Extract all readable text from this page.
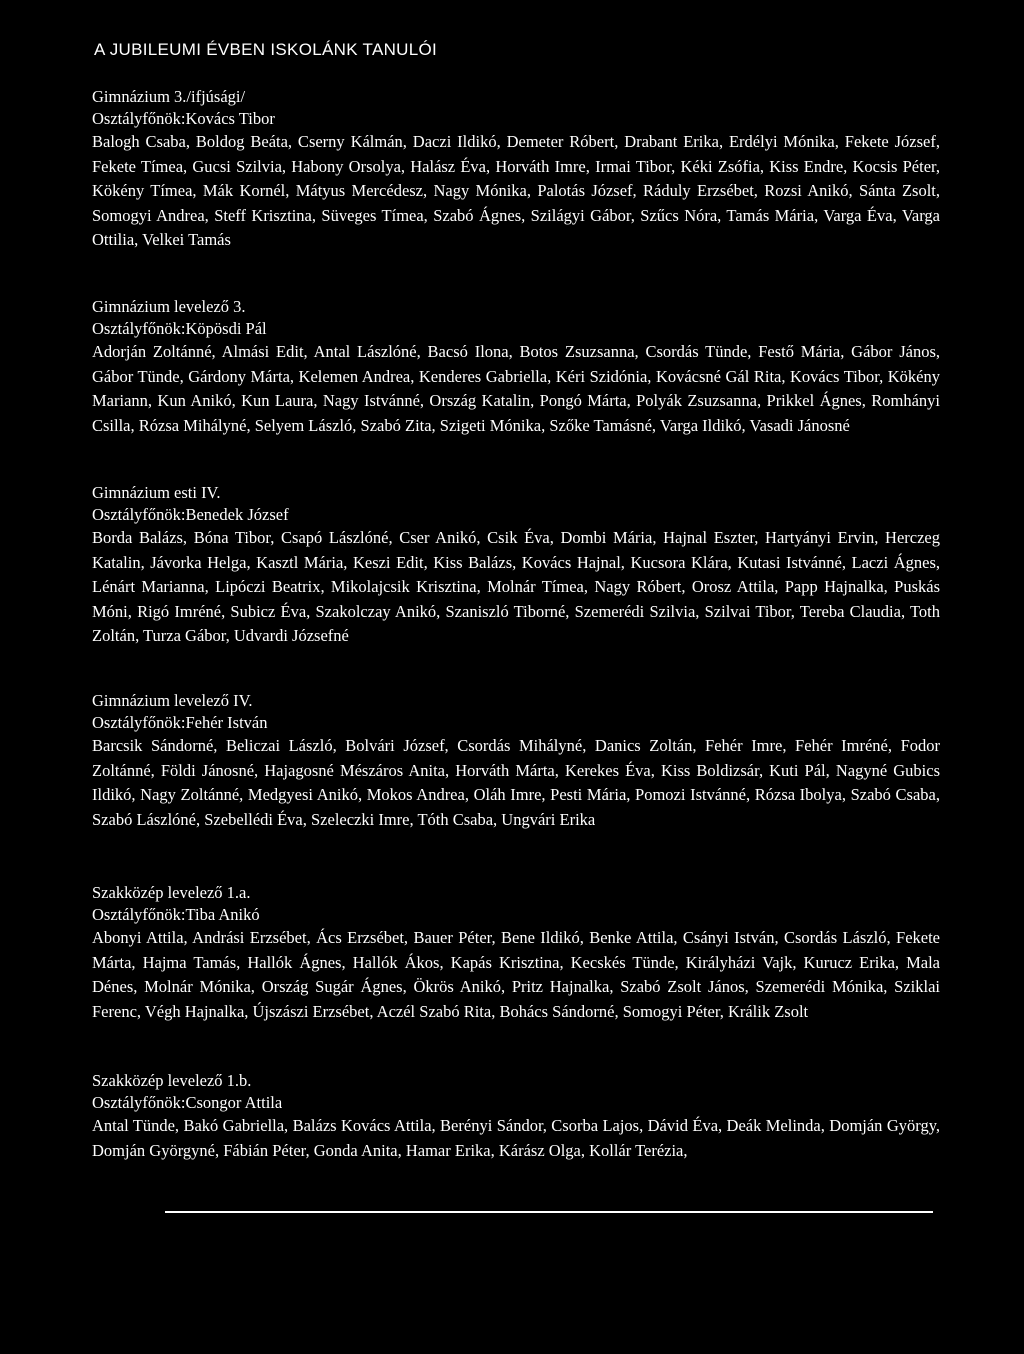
A JUBILEUMI ÉVBEN ISKOLÁNK TANULÓI
Gimnázium 3./ifjúsági/
Osztályfőnök:Kovács Tibor

Balogh Csaba, Boldog Beáta, Cserny Kálmán, Daczi Ildikó, Demeter Róbert, Drabant Erika, Erdélyi Mónika, Fekete József, Fekete Tímea, Gucsi Szilvia, Habony Orsolya, Halász Éva, Horváth Imre, Irmai Tibor, Kéki Zsófia, Kiss Endre, Kocsis Péter, Kökény Tímea, Mák Kornél, Mátyus Mercédesz, Nagy Mónika, Palotás József, Ráduly Erzsébet, Rozsi Anikó, Sánta Zsolt, Somogyi Andrea, Steff Krisztina, Süveges Tímea, Szabó Ágnes, Szilágyi Gábor, Szűcs Nóra, Tamás Mária, Varga Éva, Varga Ottilia, Velkei Tamás

Gimnázium levelező 3.
Osztályfőnök:Köpösdi Pál

Adorján Zoltánné, Almási Edit, Antal Lászlóné, Bacsó Ilona, Botos Zsuzsanna, Csordás Tünde, Festő Mária, Gábor János, Gábor Tünde, Gárdony Márta, Kelemen Andrea, Kenderes Gabriella, Kéri Szidónia, Kovácsné Gál Rita, Kovács Tibor, Kökény Mariann, Kun Anikó, Kun Laura, Nagy Istvánné, Ország Katalin, Pongó Márta, Polyák Zsuzsanna, Prikkel Ágnes, Romhányi Csilla, Rózsa Mihályné, Selyem László, Szabó Zita, Szigeti Mónika, Szőke Tamásné, Varga Ildikó, Vasadi Jánosné

Gimnázium esti IV.
Osztályfőnök:Benedek József

Borda Balázs, Bóna Tibor, Csapó Lászlóné, Cser Anikó, Csik Éva, Dombi Mária, Hajnal Eszter, Hartyányi Ervin, Herczeg Katalin, Jávorka Helga, Kasztl Mária, Keszi Edit, Kiss Balázs, Kovács Hajnal, Kucsora Klára, Kutasi Istvánné, Laczi Ágnes, Lénárt Marianna, Lipóczi Beatrix, Mikolajcsik Krisztina, Molnár Tímea, Nagy Róbert, Orosz Attila, Papp Hajnalka, Puskás Móni, Rigó Imréné, Subicz Éva, Szakolczay Anikó, Szaniszló Tiborné, Szemerédi Szilvia, Szilvai Tibor, Tereba Claudia, Toth Zoltán, Turza Gábor, Udvardi Józsefné

Gimnázium levelező IV.
Osztályfőnök:Fehér István

Barcsik Sándorné, Beliczai László, Bolvári József, Csordás Mihályné, Danics Zoltán, Fehér Imre, Fehér Imréné, Fodor Zoltánné, Földi Jánosné, Hajagosné Mészáros Anita, Horváth Márta, Kerekes Éva, Kiss Boldizsár, Kuti Pál, Nagyné Gubics Ildikó, Nagy Zoltánné, Medgyesi Anikó, Mokos Andrea, Oláh Imre, Pesti Mária, Pomozi Istvánné, Rózsa Ibolya, Szabó Csaba, Szabó Lászlóné, Szebellédi Éva, Szeleczki Imre, Tóth Csaba, Ungvári Erika

Szakközép levelező 1.a.
Osztályfőnök:Tiba Anikó

Abonyi Attila, Andrási Erzsébet, Ács Erzsébet, Bauer Péter, Bene Ildikó, Benke Attila, Csányi István, Csordás László, Fekete Márta, Hajma Tamás, Hallók Ágnes, Hallók Ákos, Kapás Krisztina, Kecskés Tünde, Királyházi Vajk, Kurucz Erika, Mala Dénes, Molnár Mónika, Ország Sugár Ágnes, Ökrös Anikó, Pritz Hajnalka, Szabó Zsolt János, Szemerédi Mónika, Sziklai Ferenc, Végh Hajnalka, Újszászi Erzsébet, Aczél Szabó Rita, Bohács Sándorné, Somogyi Péter, Králik Zsolt

Szakközép levelező 1.b.
Osztályfőnök:Csongor Attila

Antal Tünde, Bakó Gabriella, Balázs Kovács Attila, Berényi Sándor, Csorba Lajos, Dávid Éva, Deák Melinda, Domján György, Domján Györgyné, Fábián Péter, Gonda Anita, Hamar Erika, Kárász Olga, Kollár Terézia,
